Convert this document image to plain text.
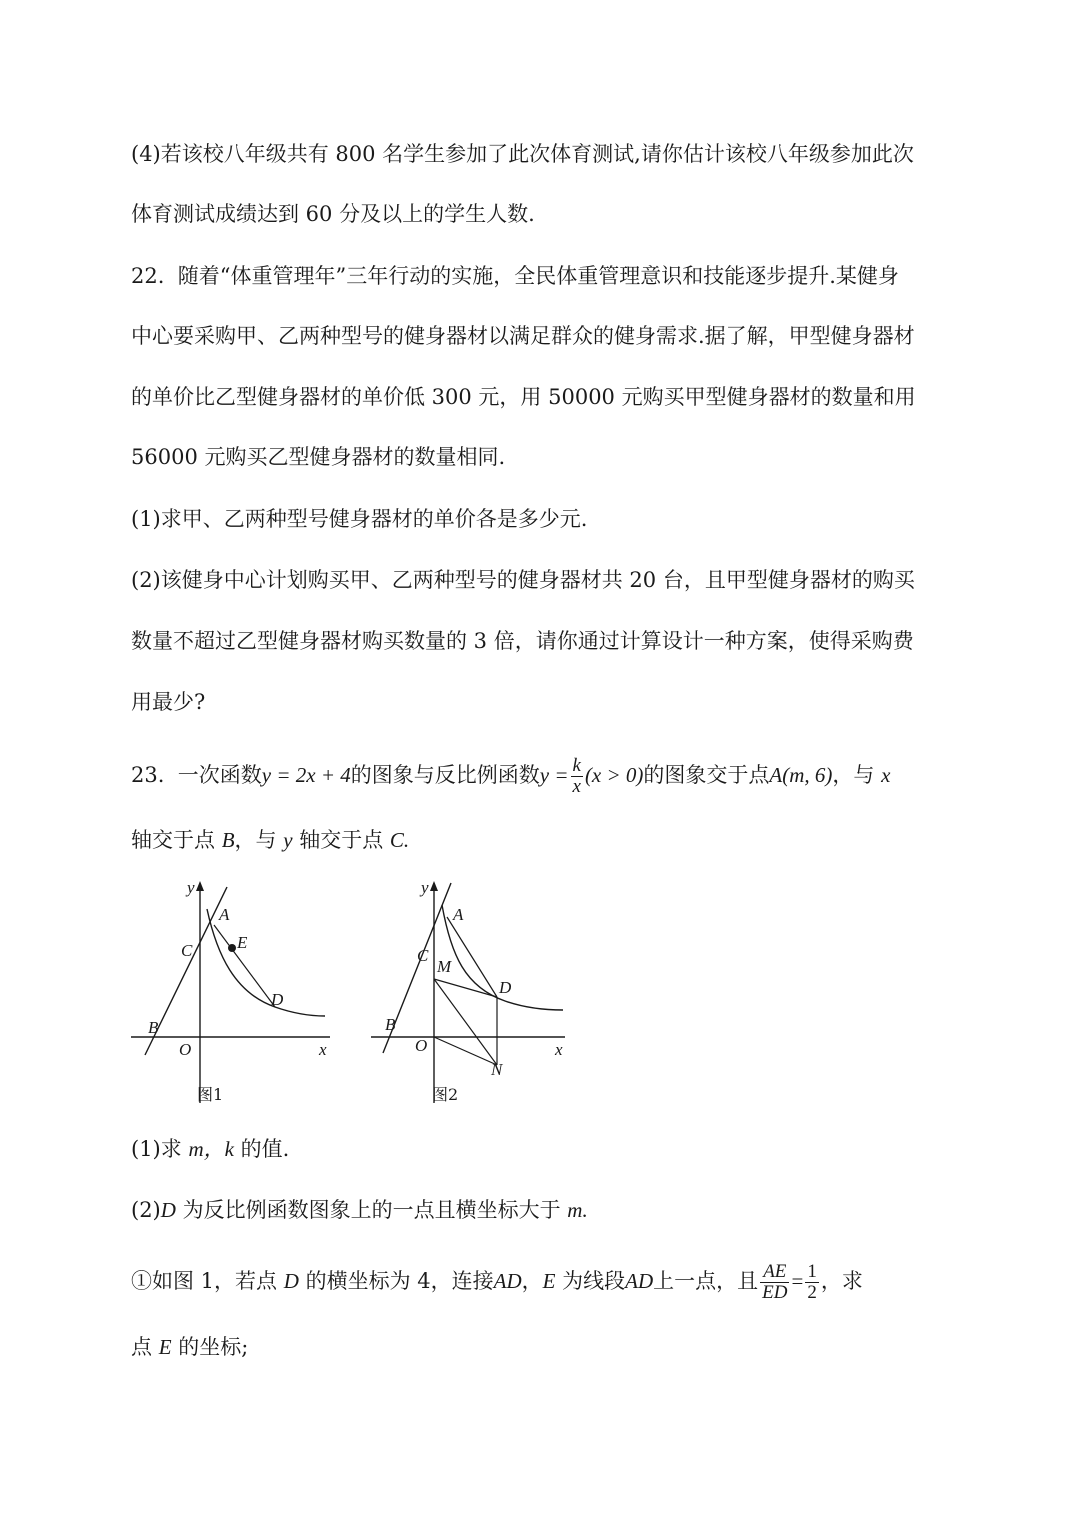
(4)若该校八年级共有 800 名学生参加了此次体育测试,请你估计该校八年级参加此次
体育测试成绩达到 60 分及以上的学生人数.
22.  随着“体重管理年”三年行动的实施，全民体重管理意识和技能逐步提升.某健身
中心要采购甲、乙两种型号的健身器材以满足群众的健身需求.据了解，甲型健身器材
的单价比乙型健身器材的单价低 300 元，用 50000 元购买甲型健身器材的数量和用
56000 元购买乙型健身器材的数量相同.
(1)求甲、乙两种型号健身器材的单价各是多少元.
(2)该健身中心计划购买甲、乙两种型号的健身器材共 20 台，且甲型健身器材的购买
数量不超过乙型健身器材购买数量的 3 倍，请你通过计算设计一种方案，使得采购费
用最少?
23. 一次函数y = 2x + 4的图象与反比例函数$y = \frac{k}{x} (x > 0)$的图象交于点A(m, 6)，与 x
轴交于点 B，与 y 轴交于点 C.
y
x
O
A
B
C
D
E
图1
y
x
O
A
B
C
D
M
N
图2
(1)求 m，k 的值.
(2)D 为反比例函数图象上的一点且横坐标大于 m.
①如图 1，若点 D 的横坐标为 4，连接AD，E 为线段AD上一点，且 $\frac{AE}{ED} = \frac{1}{2}$ ，求
点 E 的坐标;
